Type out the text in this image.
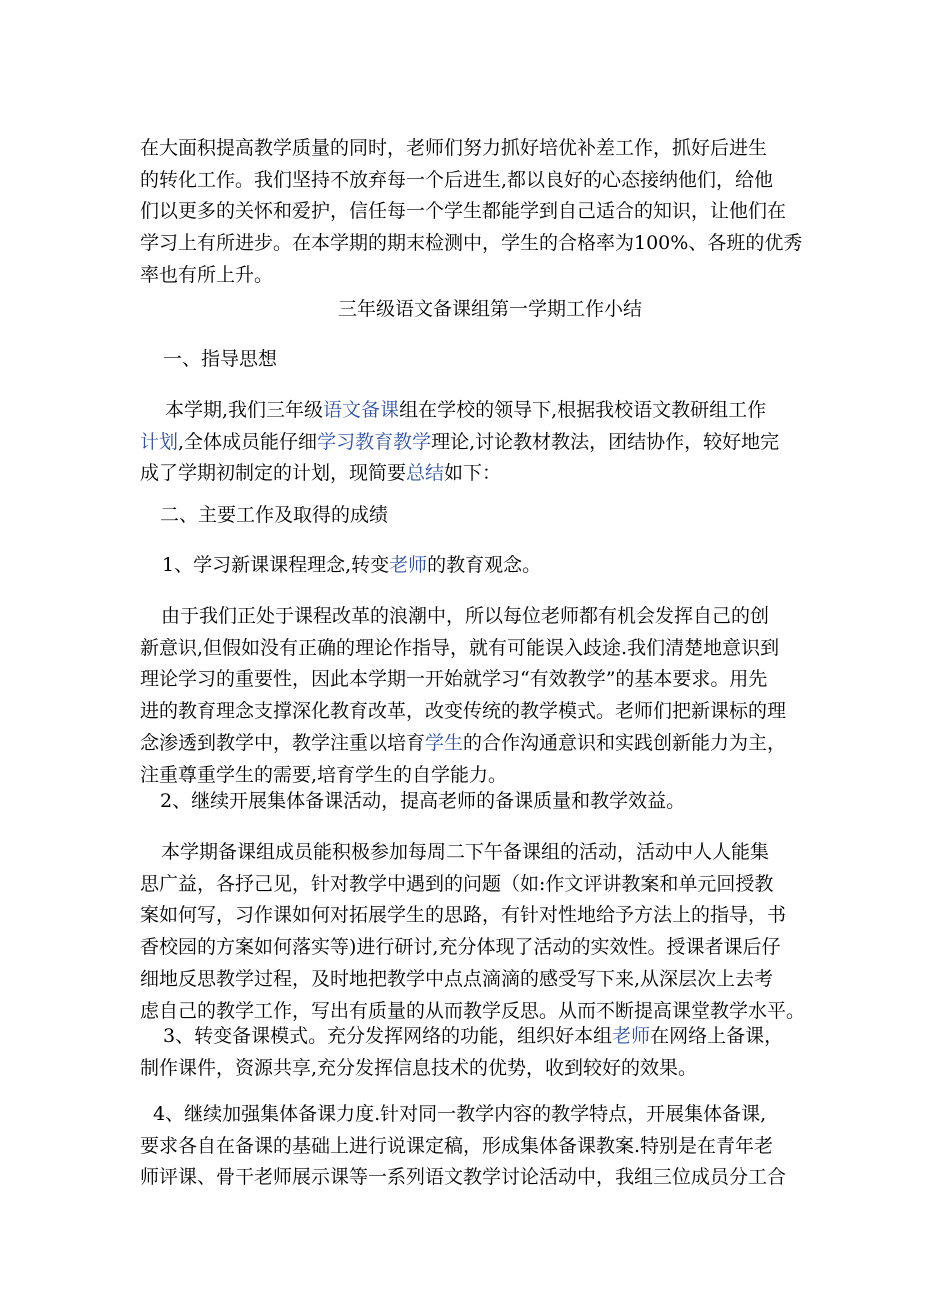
在大面积提高教学质量的同时，老师们努力抓好培优补差工作，抓好后进生
的转化工作。我们坚持不放弃每一个后进生,都以良好的心态接纳他们，给他
们以更多的关怀和爱护，信任每一个学生都能学到自己适合的知识，让他们在
学习上有所进步。在本学期的期末检测中，学生的合格率为100%、各班的优秀
率也有所上升。
三年级语文备课组第一学期工作小结
一、指导思想
本学期,我们三年级语文备课组在学校的领导下,根据我校语文教研组工作
计划,全体成员能仔细学习教育教学理论,讨论教材教法，团结协作，较好地完
成了学期初制定的计划，现简要总结如下：
二、主要工作及取得的成绩
1、学习新课课程理念,转变老师的教育观念。
由于我们正处于课程改革的浪潮中，所以每位老师都有机会发挥自己的创
新意识,但假如没有正确的理论作指导，就有可能误入歧途.我们清楚地意识到
理论学习的重要性，因此本学期一开始就学习“有效教学”的基本要求。用先
进的教育理念支撑深化教育改革，改变传统的教学模式。老师们把新课标的理
念渗透到教学中，教学注重以培育学生的合作沟通意识和实践创新能力为主，
注重尊重学生的需要,培育学生的自学能力。
2、继续开展集体备课活动，提高老师的备课质量和教学效益。
本学期备课组成员能积极参加每周二下午备课组的活动，活动中人人能集
思广益，各抒己见，针对教学中遇到的问题（如:作文评讲教案和单元回授教
案如何写，习作课如何对拓展学生的思路，有针对性地给予方法上的指导，书
香校园的方案如何落实等)进行研讨,充分体现了活动的实效性。授课者课后仔
细地反思教学过程，及时地把教学中点点滴滴的感受写下来,从深层次上去考
虑自己的教学工作，写出有质量的从而教学反思。从而不断提高课堂教学水平。
3、转变备课模式。充分发挥网络的功能，组织好本组老师在网络上备课，
制作课件，资源共享,充分发挥信息技术的优势，收到较好的效果。
4、继续加强集体备课力度.针对同一教学内容的教学特点，开展集体备课,
要求各自在备课的基础上进行说课定稿，形成集体备课教案.特别是在青年老
师评课、骨干老师展示课等一系列语文教学讨论活动中，我组三位成员分工合
